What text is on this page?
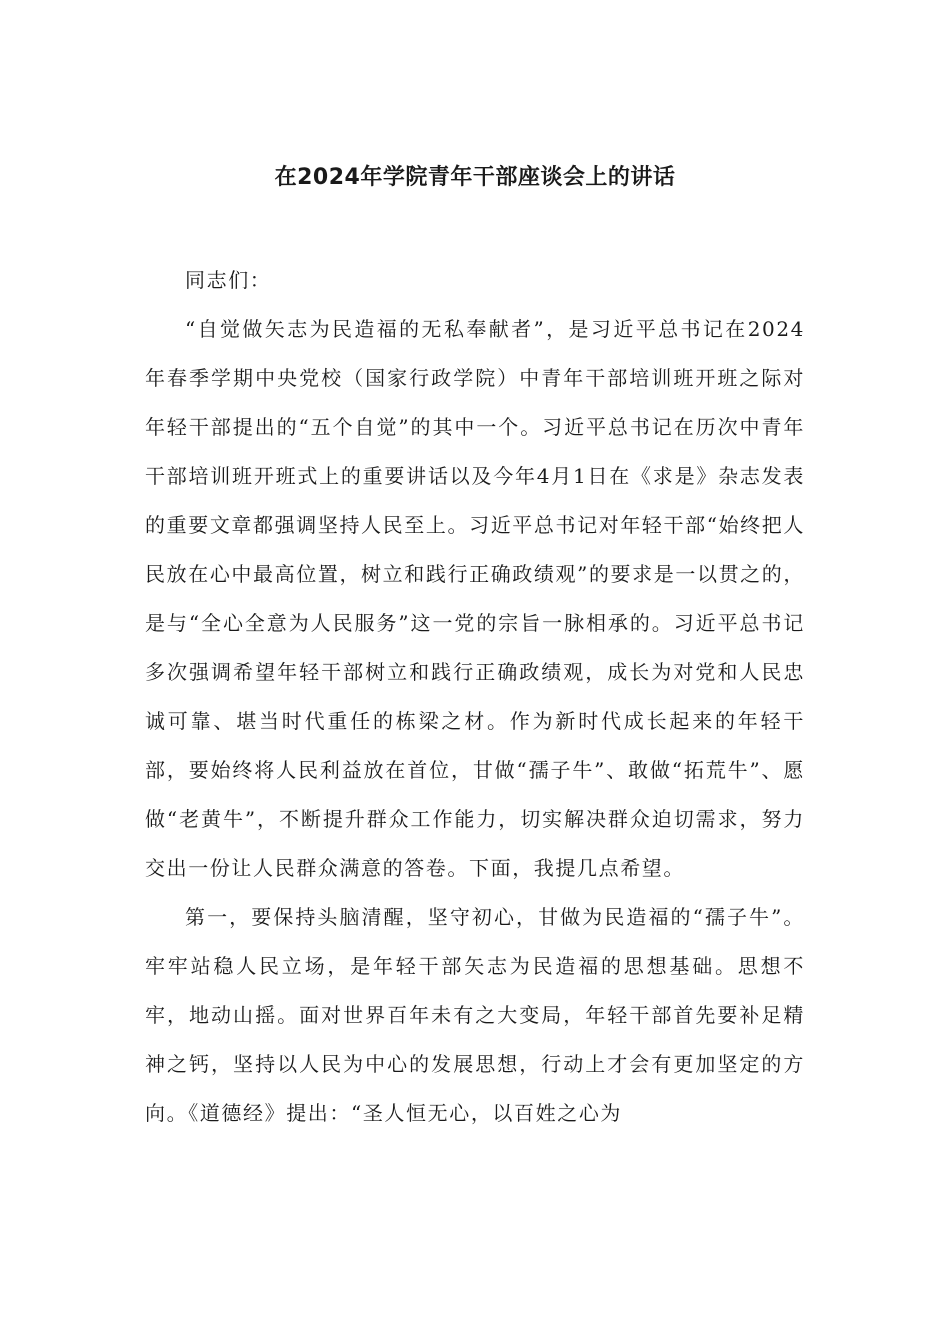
在2024年学院青年干部座谈会上的讲话

同志们：

“自觉做矢志为民造福的无私奉献者”，是习近平总书记在2024年春季学期中央党校（国家行政学院）中青年干部培训班开班之际对年轻干部提出的“五个自觉”的其中一个。习近平总书记在历次中青年干部培训班开班式上的重要讲话以及今年4月1日在《求是》杂志发表的重要文章都强调坚持人民至上。习近平总书记对年轻干部“始终把人民放在心中最高位置，树立和践行正确政绩观”的要求是一以贯之的，是与“全心全意为人民服务”这一党的宗旨一脉相承的。习近平总书记多次强调希望年轻干部树立和践行正确政绩观，成长为对党和人民忠诚可靠、堪当时代重任的栋梁之材。作为新时代成长起来的年轻干部，要始终将人民利益放在首位，甘做“孺子牛”、敢做“拓荒牛”、愿做“老黄牛”，不断提升群众工作能力，切实解决群众迫切需求，努力交出一份让人民群众满意的答卷。下面，我提几点希望。

第一，要保持头脑清醒，坚守初心，甘做为民造福的“孺子牛”。牢牢站稳人民立场，是年轻干部矢志为民造福的思想基础。思想不牢，地动山摇。面对世界百年未有之大变局，年轻干部首先要补足精神之钙，坚持以人民为中心的发展思想，行动上才会有更加坚定的方向。《道德经》提出：“圣人恒无心，以百姓之心为
